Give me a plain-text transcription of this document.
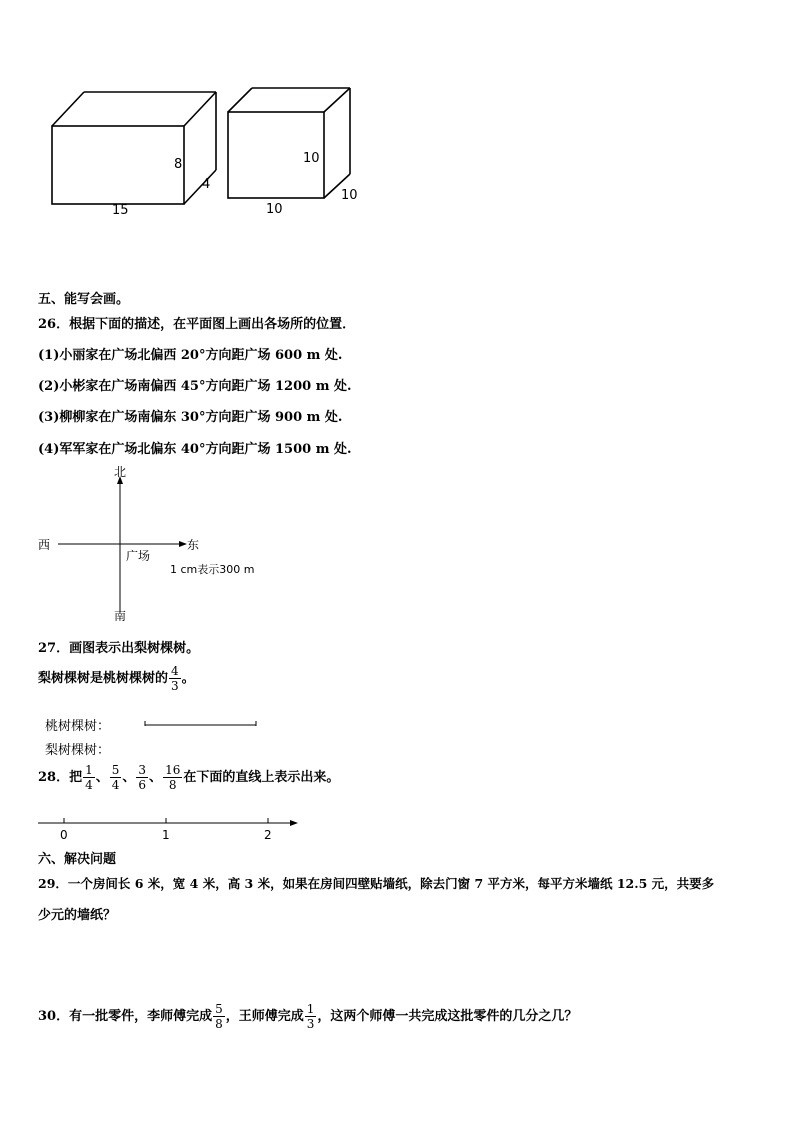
8
4
15
10
10
10
五、能写会画。
26．根据下面的描述，在平面图上画出各场所的位置．
(1)小丽家在广场北偏西 20°方向距广场 600 m 处.
(2)小彬家在广场南偏西 45°方向距广场 1200 m 处.
(3)柳柳家在广场南偏东 30°方向距广场 900 m 处.
(4)军军家在广场北偏东 40°方向距广场 1500 m 处.
北
南
西	东
广场
1 cm表示300 m
27．画图表示出梨树棵树。
梨树棵树是桃树棵树的 $\frac{4}{3}$ 。
桃树棵树：
梨树棵树：
28．把 $\frac{1}{4}$ 、 $\frac{5}{4}$ 、 $\frac{3}{6}$ 、 $\frac{16}{8}$ 在下面的直线上表示出来。
0	1	2
六、解决问题
29．一个房间长 6 米，宽 4 米，高 3 米，如果在房间四壁贴墙纸，除去门窗 7 平方米，每平方米墙纸 12.5 元，共要多
少元的墙纸？
30．有一批零件，李师傅完成 $\frac{5}{8}$ ，王师傅完成 $\frac{1}{3}$ ，这两个师傅一共完成这批零件的几分之几？
